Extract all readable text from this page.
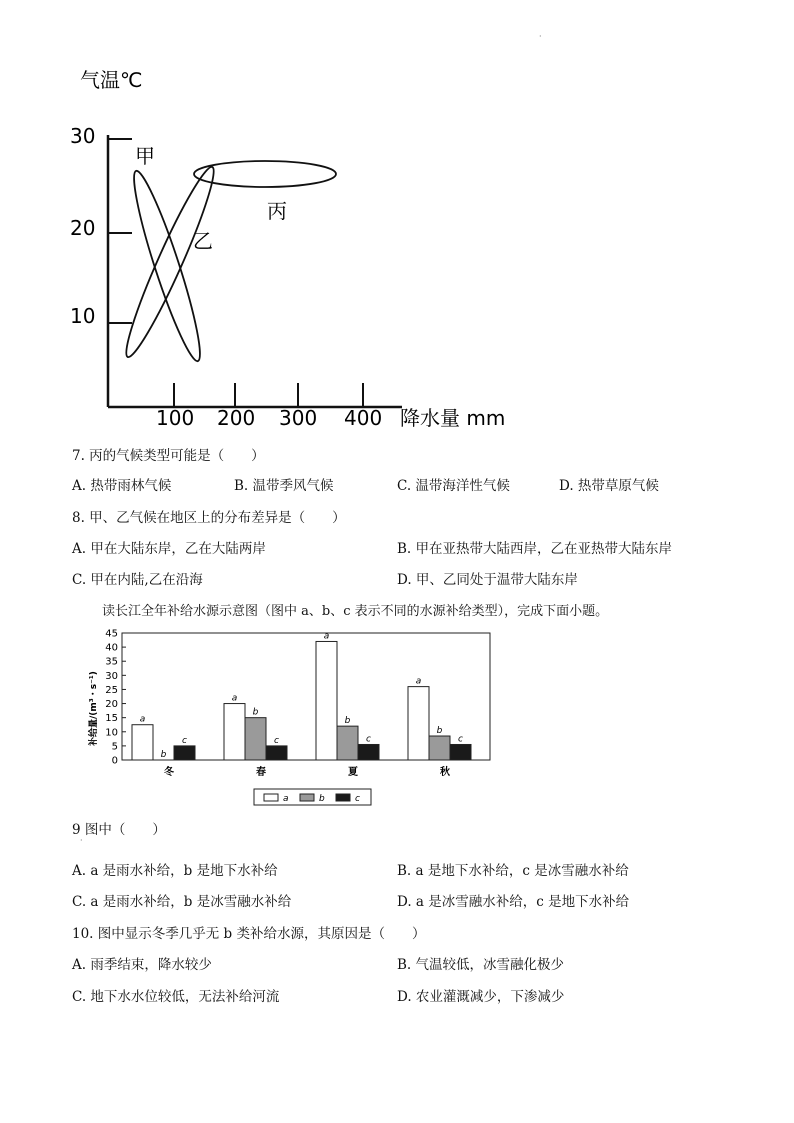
气温℃
30
20
10
100 200 300 400 降水量 mm
甲
乙
丙
·
7. 丙的气候类型可能是（　　）
A. 热带雨林气候	B. 温带季风气候	C. 温带海洋性气候	D. 热带草原气候
8. 甲、乙气候在地区上的分布差异是（　　）
A. 甲在大陆东岸，乙在大陆两岸	B. 甲在亚热带大陆西岸，乙在亚热带大陆东岸
C. 甲在内陆,乙在沿海	D. 甲、乙同处于温带大陆东岸
读长江全年补给水源示意图（图中 a、b、c 表示不同的水源补给类型），完成下面小题。
补给量/(m³・s⁻¹)
0
5
10
15
20
25
30
35
40
45
a
b
c
a
b
c
a
b
c
a
b
c
冬	春	夏	秋
a	b	c
9 图中（　　）
·
A. a 是雨水补给，b 是地下水补给	B. a 是地下水补给，c 是冰雪融水补给
C. a 是雨水补给，b 是冰雪融水补给	D. a 是冰雪融水补给，c 是地下水补给
10. 图中显示冬季几乎无 b 类补给水源，其原因是（　　）
A. 雨季结束，降水较少	B. 气温较低，冰雪融化极少
C. 地下水水位较低，无法补给河流	D. 农业灌溉减少，下渗减少
